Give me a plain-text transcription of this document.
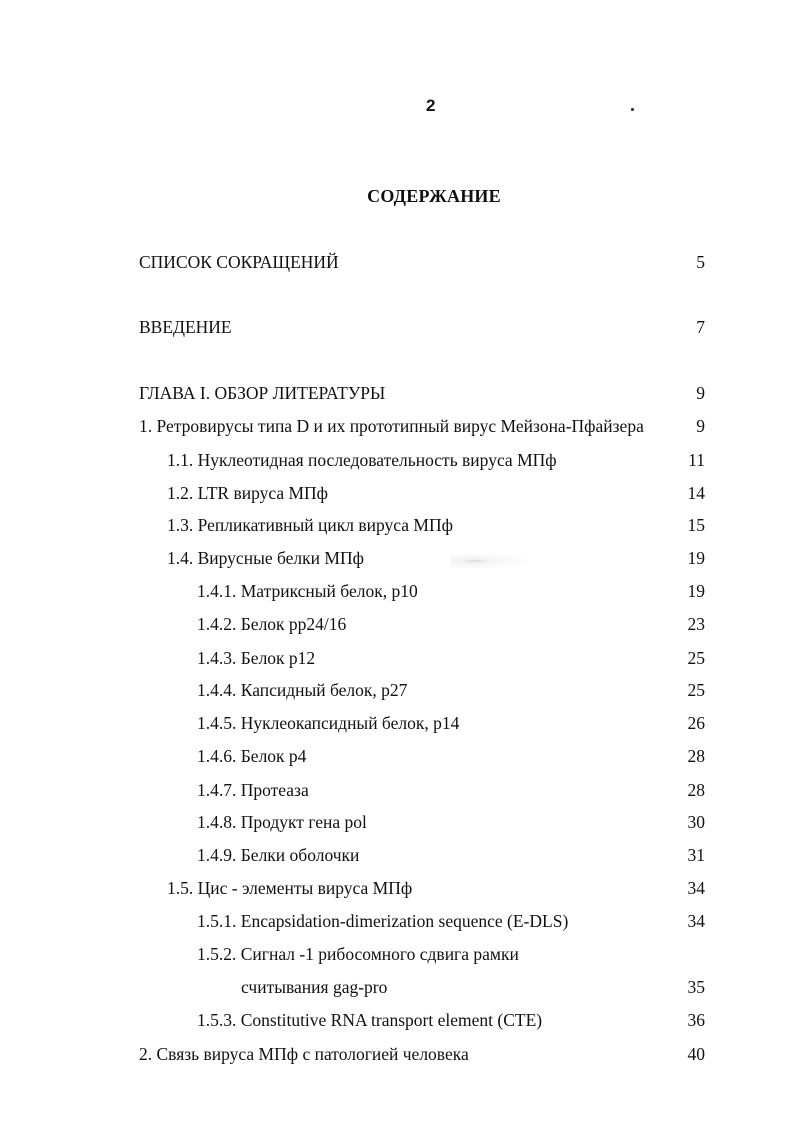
2
СОДЕРЖАНИЕ
СПИСОК СОКРАЩЕНИЙ	5
ВВЕДЕНИЕ	7
ГЛАВА I. ОБЗОР ЛИТЕРАТУРЫ	9
1. Ретровирусы типа D и их прототипный вирус Мейзона-Пфайзера	9
1.1. Нуклеотидная последовательность вируса МПф	11
1.2. LTR вируса МПф	14
1.3. Репликативный цикл вируса МПф	15
1.4. Вирусные белки МПф	19
1.4.1. Матриксный белок, p10	19
1.4.2. Белок pp24/16	23
1.4.3. Белок p12	25
1.4.4. Капсидный белок, p27	25
1.4.5. Нуклеокапсидный белок, p14	26
1.4.6. Белок p4	28
1.4.7. Протеаза	28
1.4.8. Продукт гена pol	30
1.4.9. Белки оболочки	31
1.5. Цис - элементы вируса МПф	34
1.5.1. Encapsidation-dimerization sequence (E-DLS)	34
1.5.2. Сигнал -1 рибосомного сдвига рамки
считывания gag-pro	35
1.5.3. Constitutive RNA transport element (CTE)	36
2. Связь вируса МПф с патологией человека	40
